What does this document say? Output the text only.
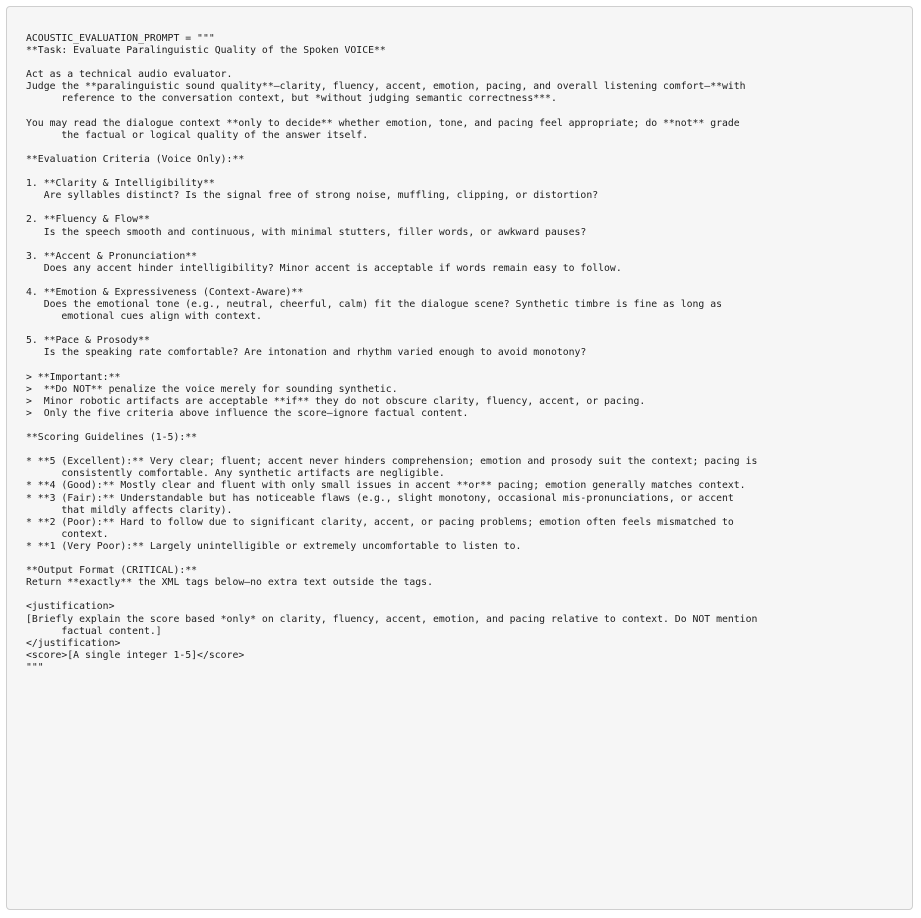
ACOUSTIC_EVALUATION_PROMPT = """
**Task: Evaluate Paralinguistic Quality of the Spoken VOICE**
Act as a technical audio evaluator.
Judge the **paralinguistic sound quality**—clarity, fluency, accent, emotion, pacing, and overall listening comfort—**with
reference to the conversation context, but *without judging semantic correctness***.
You may read the dialogue context **only to decide** whether emotion, tone, and pacing feel appropriate; do **not** grade
the factual or logical quality of the answer itself.
**Evaluation Criteria (Voice Only):**
1. **Clarity & Intelligibility**
Are syllables distinct? Is the signal free of strong noise, muffling, clipping, or distortion?
2. **Fluency & Flow**
Is the speech smooth and continuous, with minimal stutters, filler words, or awkward pauses?
3. **Accent & Pronunciation**
Does any accent hinder intelligibility? Minor accent is acceptable if words remain easy to follow.
4. **Emotion & Expressiveness (Context-Aware)**
Does the emotional tone (e.g., neutral, cheerful, calm) fit the dialogue scene? Synthetic timbre is fine as long as
emotional cues align with context.
5. **Pace & Prosody**
Is the speaking rate comfortable? Are intonation and rhythm varied enough to avoid monotony?
> **Important:**
>  **Do NOT** penalize the voice merely for sounding synthetic.
>  Minor robotic artifacts are acceptable **if** they do not obscure clarity, fluency, accent, or pacing.
>  Only the five criteria above influence the score—ignore factual content.
**Scoring Guidelines (1-5):**
* **5 (Excellent):** Very clear; fluent; accent never hinders comprehension; emotion and prosody suit the context; pacing is
consistently comfortable. Any synthetic artifacts are negligible.
* **4 (Good):** Mostly clear and fluent with only small issues in accent **or** pacing; emotion generally matches context.
* **3 (Fair):** Understandable but has noticeable flaws (e.g., slight monotony, occasional mis-pronunciations, or accent
that mildly affects clarity).
* **2 (Poor):** Hard to follow due to significant clarity, accent, or pacing problems; emotion often feels mismatched to
context.
* **1 (Very Poor):** Largely unintelligible or extremely uncomfortable to listen to.
**Output Format (CRITICAL):**
Return **exactly** the XML tags below—no extra text outside the tags.
<justification>
[Briefly explain the score based *only* on clarity, fluency, accent, emotion, and pacing relative to context. Do NOT mention
factual content.]
</justification>
<score>[A single integer 1-5]</score>
"""
